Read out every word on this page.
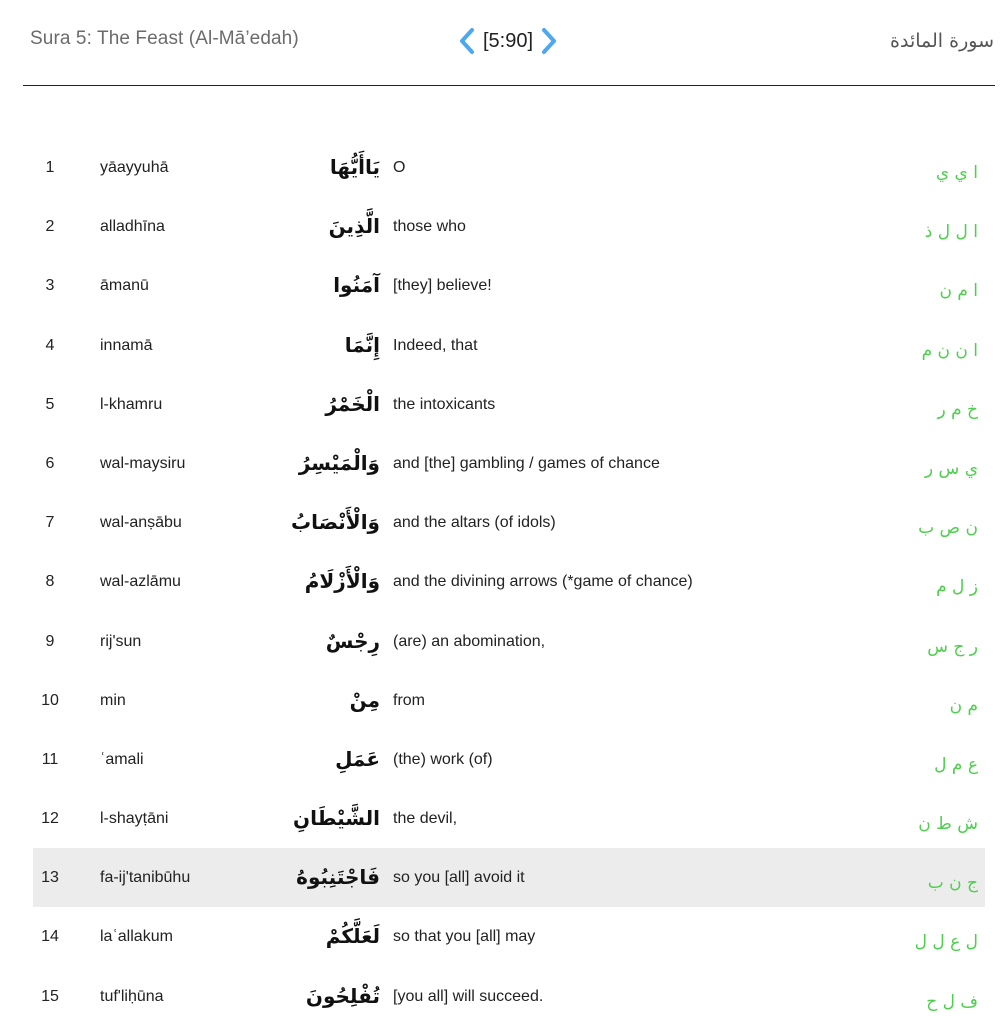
Sura 5: The Feast (Al-Mā’edah)	[5:90]	سورة المائدة
1	yāayyuhā	يَاأَيُّهَا O	ا ي ي
2	alladhīna	الَّذِينَ those who	ا ل ل ذ
3	āmanū	آمَنُوا [they] believe!	ا م ن
4	innamā	إِنَّمَا Indeed, that	ا ن ن م
5	l-khamru	الْخَمْرُ the intoxicants	خ م ر
6	wal-maysiru	وَالْمَيْسِرُ and [the] gambling / games of chance	ي س ر
7	wal-anṣābu	وَالْأَنْصَابُ and the altars (of idols)	ن ص ب
8	wal-azlāmu	وَالْأَزْلَامُ and the divining arrows (*game of chance)	ز ل م
9	rij'sun	رِجْسٌ (are) an abomination,	ر ج س
10	min	مِنْ from	م ن
11	ʿamali	عَمَلِ (the) work (of)	ع م ل
12	l-shayṭāni	الشَّيْطَانِ the devil,	ش ط ن
13	fa-ij'tanibūhu	فَاجْتَنِبُوهُ so you [all] avoid it	ج ن ب
14	laʿallakum	لَعَلَّكُمْ so that you [all] may	ل ع ل ل
15	tuf'liḥūna	تُفْلِحُونَ [you all] will succeed.	ف ل ح
